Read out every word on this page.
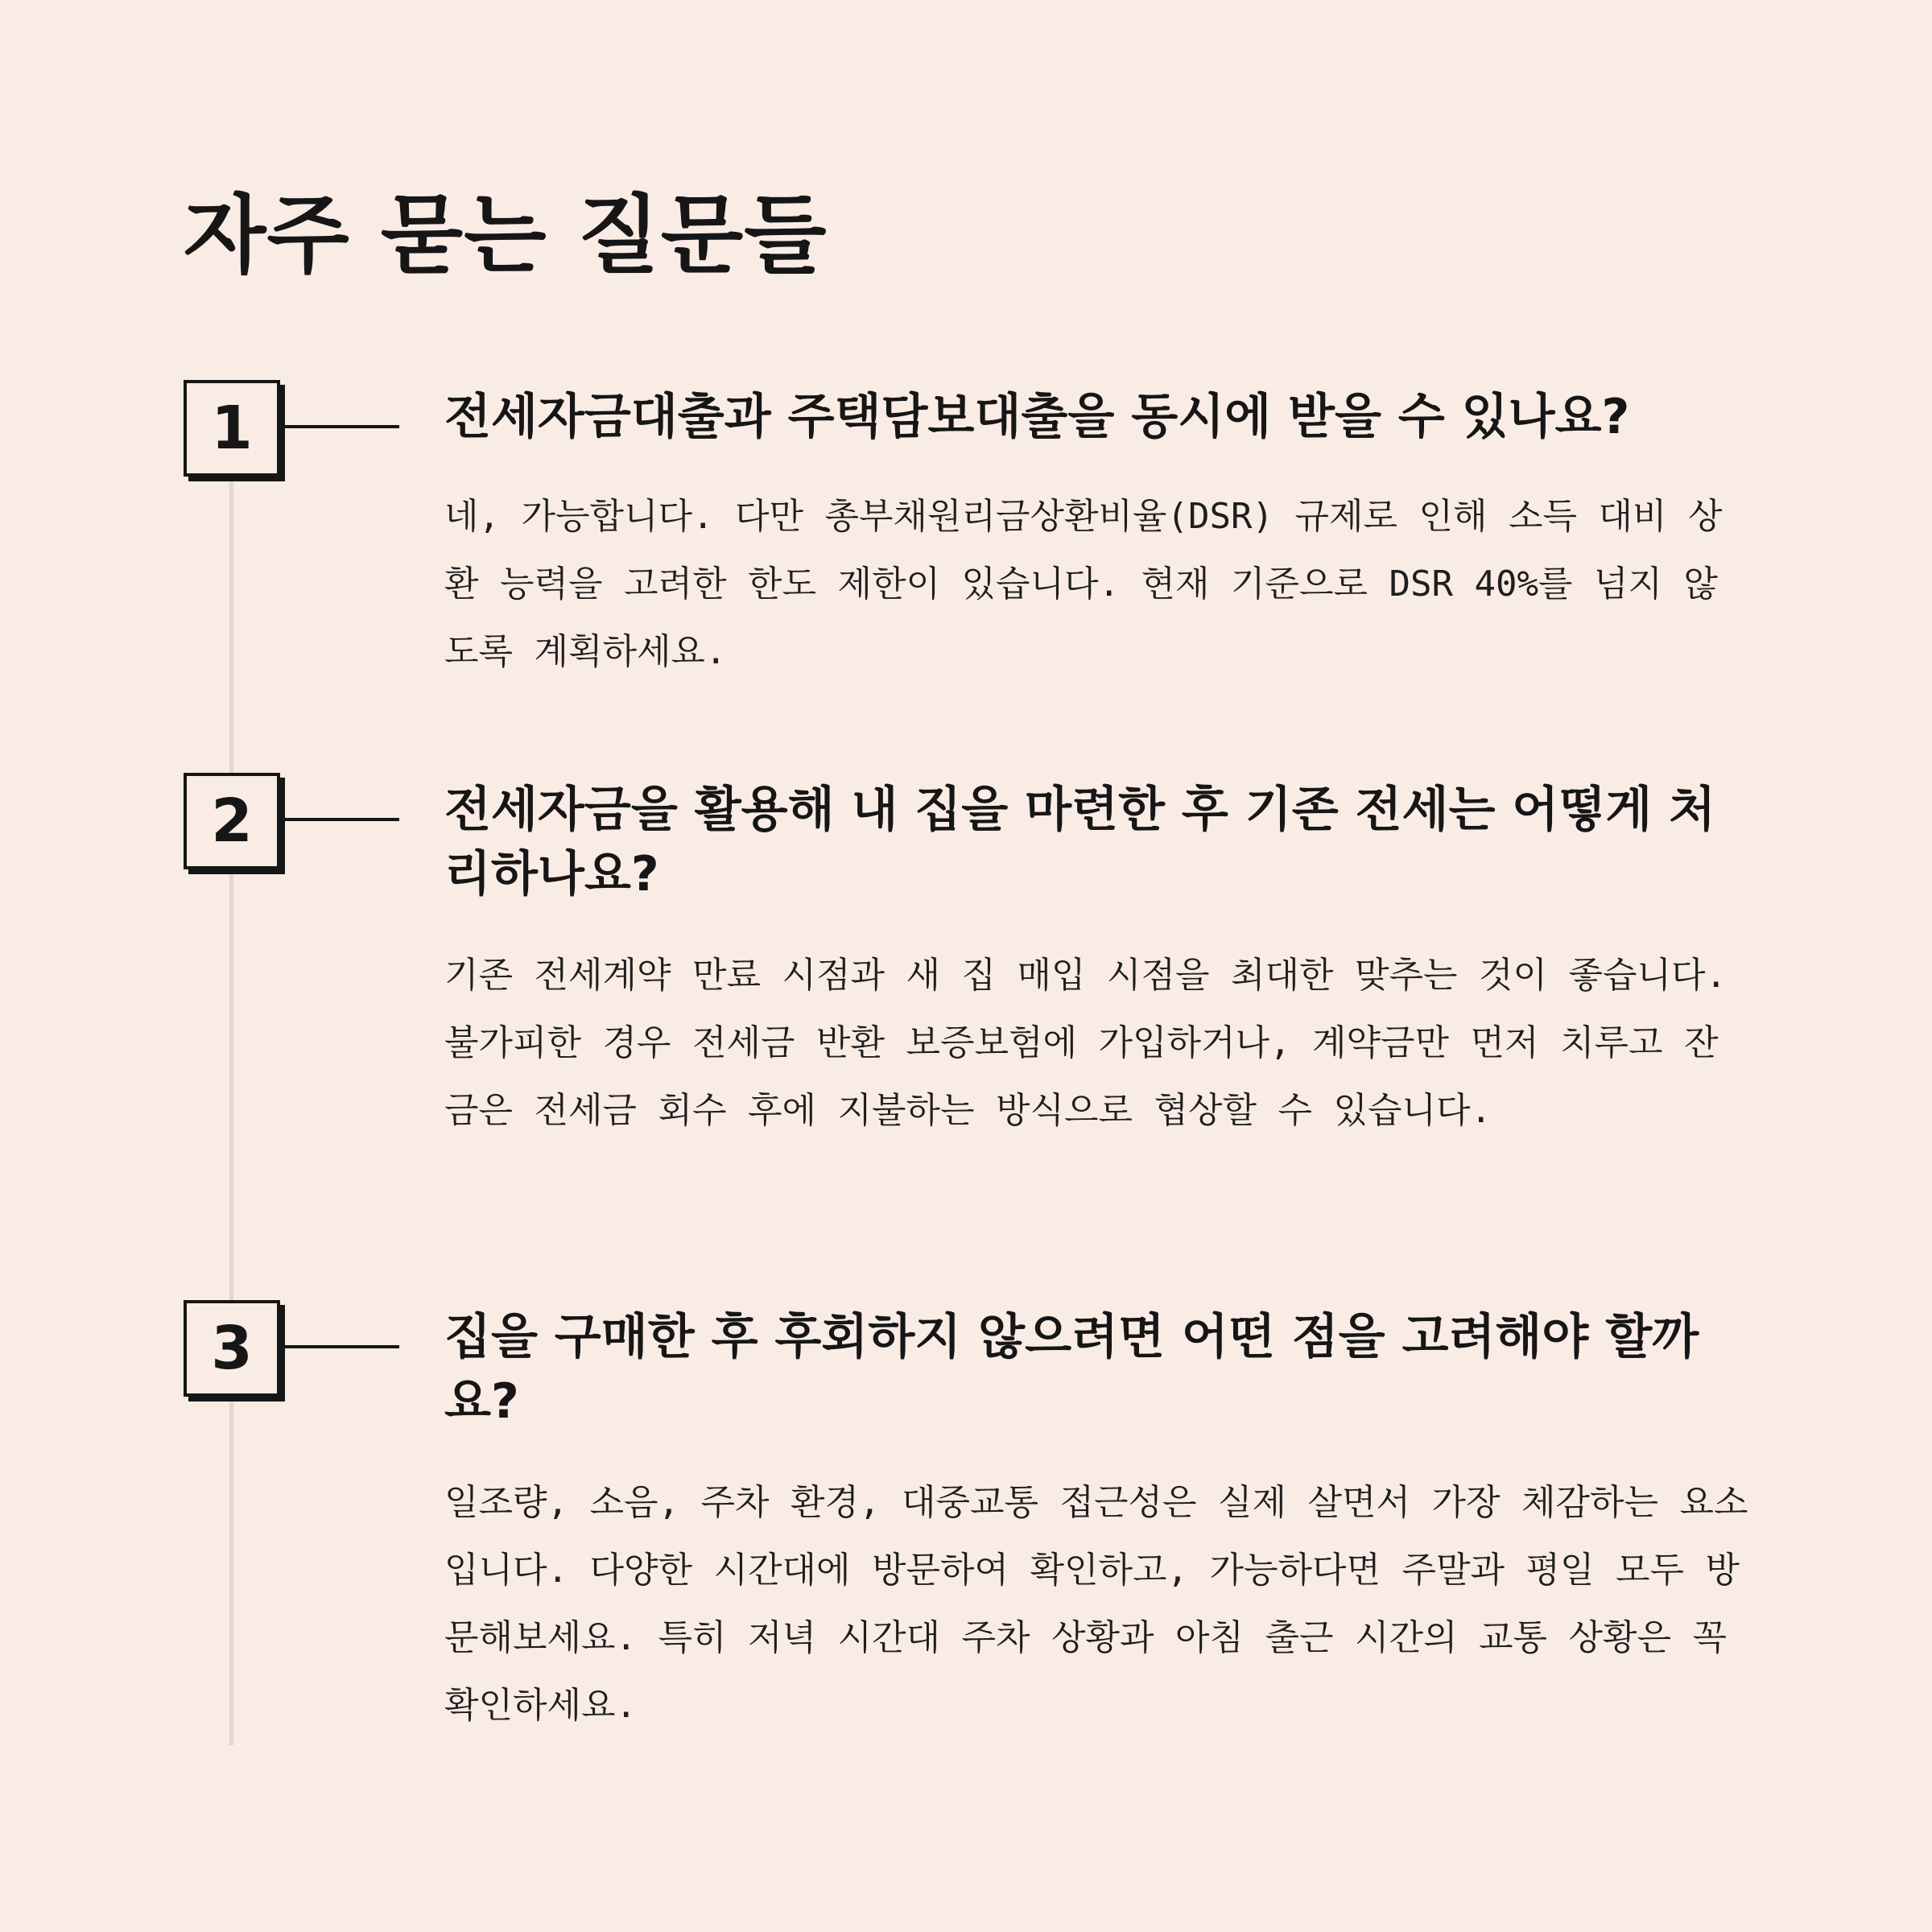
자주 묻는 질문들
1	전세자금대출과 주택담보대출을 동시에 받을 수 있나요?

네, 가능합니다. 다만 총부채원리금상환비율(DSR) 규제로 인해 소득 대비 상환 능력을 고려한 한도 제한이 있습니다. 현재 기준으로 DSR 40%를 넘지 않도록 계획하세요.

2	전세자금을 활용해 내 집을 마련한 후 기존 전세는 어떻게 처리하나요?

기존 전세계약 만료 시점과 새 집 매입 시점을 최대한 맞추는 것이 좋습니다. 불가피한 경우 전세금 반환 보증보험에 가입하거나, 계약금만 먼저 치루고 잔금은 전세금 회수 후에 지불하는 방식으로 협상할 수 있습니다.

3	집을 구매한 후 후회하지 않으려면 어떤 점을 고려해야 할까요?

일조량, 소음, 주차 환경, 대중교통 접근성은 실제 살면서 가장 체감하는 요소입니다. 다양한 시간대에 방문하여 확인하고, 가능하다면 주말과 평일 모두 방문해보세요. 특히 저녁 시간대 주차 상황과 아침 출근 시간의 교통 상황은 꼭 확인하세요.
